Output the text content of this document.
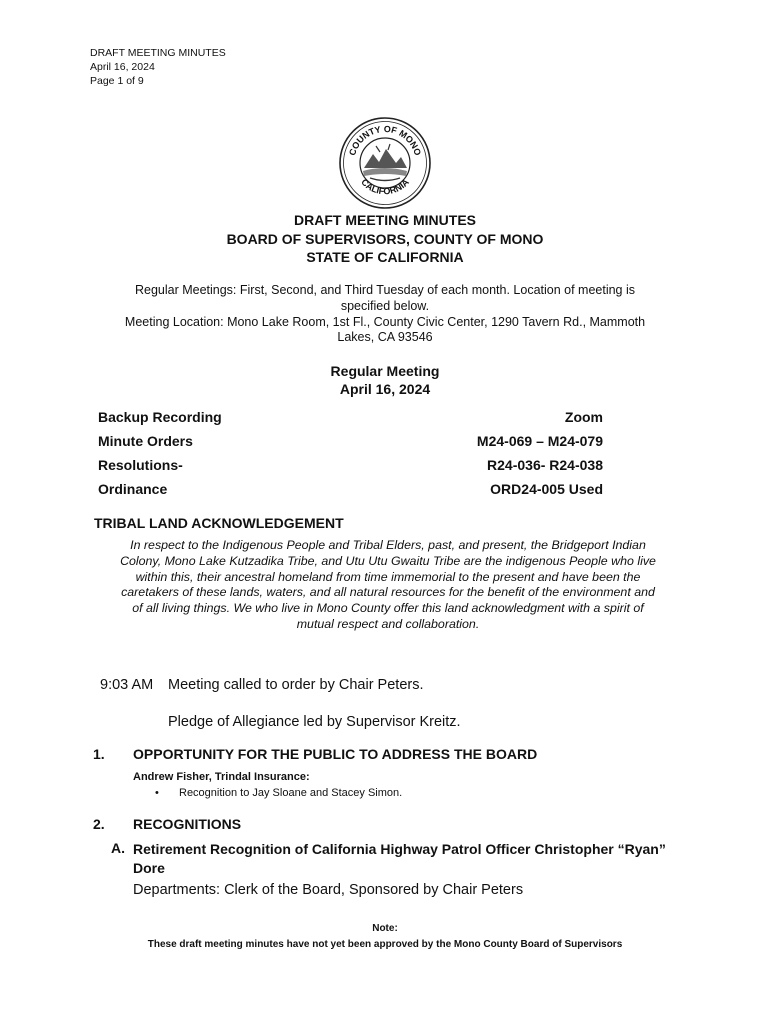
DRAFT MEETING MINUTES
April 16, 2024
Page 1 of 9
COUNTY OF MONO
CALIFORNIA
DRAFT MEETING MINUTES
BOARD OF SUPERVISORS, COUNTY OF MONO
STATE OF CALIFORNIA
Regular Meetings: First, Second, and Third Tuesday of each month. Location of meeting is
specified below.
Meeting Location: Mono Lake Room, 1st Fl., County Civic Center, 1290 Tavern Rd., Mammoth
Lakes, CA 93546
Regular Meeting
April 16, 2024
Backup Recording	Zoom
Minute Orders	M24-069 – M24-079
Resolutions-	R24-036- R24-038
Ordinance	ORD24-005 Used
TRIBAL LAND ACKNOWLEDGEMENT
In respect to the Indigenous People and Tribal Elders, past, and present, the Bridgeport Indian
Colony, Mono Lake Kutzadika Tribe, and Utu Utu Gwaitu Tribe are the indigenous People who live
within this, their ancestral homeland from time immemorial to the present and have been the
caretakers of these lands, waters, and all natural resources for the benefit of the environment and
of all living things. We who live in Mono County offer this land acknowledgment with a spirit of
mutual respect and collaboration.
9:03 AM Meeting called to order by Chair Peters.
Pledge of Allegiance led by Supervisor Kreitz.
1. OPPORTUNITY FOR THE PUBLIC TO ADDRESS THE BOARD
Andrew Fisher, Trindal Insurance:
• Recognition to Jay Sloane and Stacey Simon.
2. RECOGNITIONS
A. Retirement Recognition of California Highway Patrol Officer Christopher “Ryan” Dore
Departments: Clerk of the Board, Sponsored by Chair Peters
Note:
These draft meeting minutes have not yet been approved by the Mono County Board of Supervisors
